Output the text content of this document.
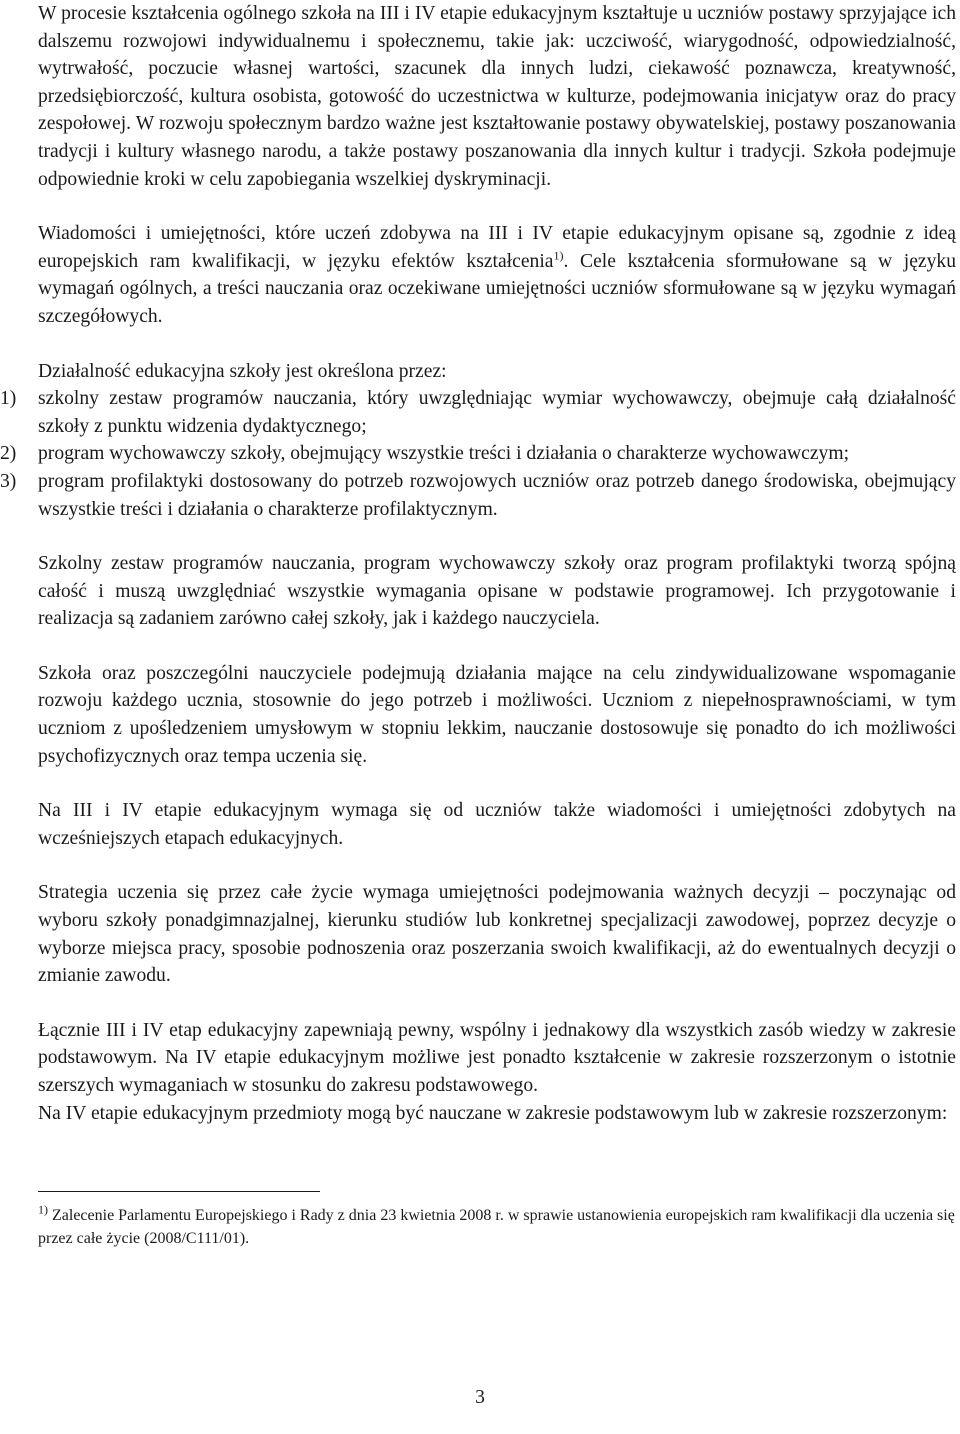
W procesie kształcenia ogólnego szkoła na III i IV etapie edukacyjnym kształtuje u uczniów postawy sprzyjające ich dalszemu rozwojowi indywidualnemu i społecznemu, takie jak: uczciwość, wiarygodność, odpowiedzialność, wytrwałość, poczucie własnej wartości, szacunek dla innych ludzi, ciekawość poznawcza, kreatywność, przedsiębiorczość, kultura osobista, gotowość do uczestnictwa w kulturze, podejmowania inicjatyw oraz do pracy zespołowej. W rozwoju społecznym bardzo ważne jest kształtowanie postawy obywatelskiej, postawy poszanowania tradycji i kultury własnego narodu, a także postawy poszanowania dla innych kultur i tradycji. Szkoła podejmuje odpowiednie kroki w celu zapobiegania wszelkiej dyskryminacji.

Wiadomości i umiejętności, które uczeń zdobywa na III i IV etapie edukacyjnym opisane są, zgodnie z ideą europejskich ram kwalifikacji, w języku efektów kształcenia$^{1)}$. Cele kształcenia sformułowane są w języku wymagań ogólnych, a treści nauczania oraz oczekiwane umiejętności uczniów sformułowane są w języku wymagań szczegółowych.

Działalność edukacyjna szkoły jest określona przez:

1) szkolny zestaw programów nauczania, który uwzględniając wymiar wychowawczy, obejmuje całą działalność szkoły z punktu widzenia dydaktycznego;
2) program wychowawczy szkoły, obejmujący wszystkie treści i działania o charakterze wychowawczym;
3) program profilaktyki dostosowany do potrzeb rozwojowych uczniów oraz potrzeb danego środowiska, obejmujący wszystkie treści i działania o charakterze profilaktycznym.

Szkolny zestaw programów nauczania, program wychowawczy szkoły oraz program profilaktyki tworzą spójną całość i muszą uwzględniać wszystkie wymagania opisane w podstawie programowej. Ich przygotowanie i realizacja są zadaniem zarówno całej szkoły, jak i każdego nauczyciela.

Szkoła oraz poszczególni nauczyciele podejmują działania mające na celu zindywidualizowane wspomaganie rozwoju każdego ucznia, stosownie do jego potrzeb i możliwości. Uczniom z niepełnosprawnościami, w tym uczniom z upośledzeniem umysłowym w stopniu lekkim, nauczanie dostosowuje się ponadto do ich możliwości psychofizycznych oraz tempa uczenia się.

Na III i IV etapie edukacyjnym wymaga się od uczniów także wiadomości i umiejętności zdobytych na wcześniejszych etapach edukacyjnych.

Strategia uczenia się przez całe życie wymaga umiejętności podejmowania ważnych decyzji – poczynając od wyboru szkoły ponadgimnazjalnej, kierunku studiów lub konkretnej specjalizacji zawodowej, poprzez decyzje o wyborze miejsca pracy, sposobie podnoszenia oraz poszerzania swoich kwalifikacji, aż do ewentualnych decyzji o zmianie zawodu.

Łącznie III i IV etap edukacyjny zapewniają pewny, wspólny i jednakowy dla wszystkich zasób wiedzy w zakresie podstawowym. Na IV etapie edukacyjnym możliwe jest ponadto kształcenie w zakresie rozszerzonym o istotnie szerszych wymaganiach w stosunku do zakresu podstawowego.

Na IV etapie edukacyjnym przedmioty mogą być nauczane w zakresie podstawowym lub w zakresie rozszerzonym:

$^{1)}$ Zalecenie Parlamentu Europejskiego i Rady z dnia 23 kwietnia 2008 r. w sprawie ustanowienia europejskich ram kwalifikacji dla uczenia się przez całe życie (2008/C111/01).

3
